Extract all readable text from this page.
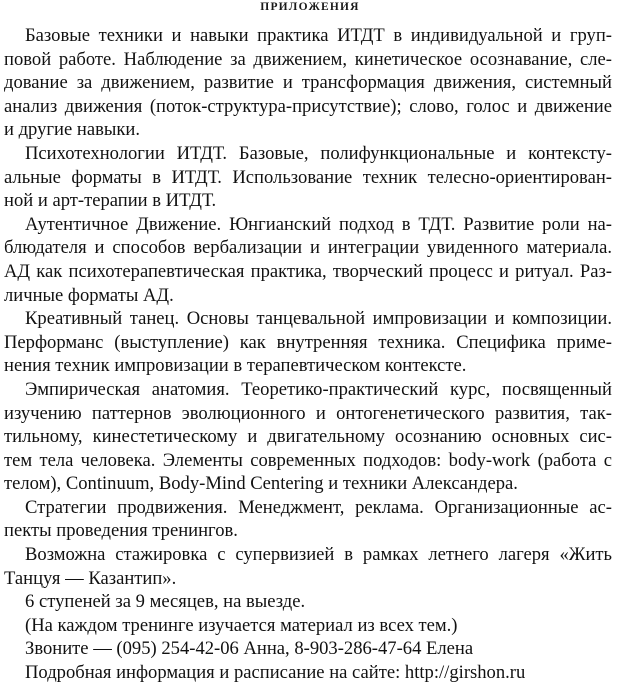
ПРИЛОЖЕНИЯ
Базовые техники и навыки практика ИТДТ в индивидуальной и груп-
повой работе. Наблюдение за движением, кинетическое осознавание, сле-
дование за движением, развитие и трансформация движения, системный
анализ движения (поток-структура-присутствие); слово, голос и движение
и другие навыки.
Психотехнологии ИТДТ. Базовые, полифункциональные и контексту-
альные форматы в ИТДТ. Использование техник телесно-ориентирован-
ной и арт-терапии в ИТДТ.
Аутентичное Движение. Юнгианский подход в ТДТ. Развитие роли на-
блюдателя и способов вербализации и интеграции увиденного материала.
АД как психотерапевтическая практика, творческий процесс и ритуал. Раз-
личные форматы АД.
Креативный танец. Основы танцевальной импровизации и композиции.
Перформанс (выступление) как внутренняя техника. Специфика приме-
нения техник импровизации в терапевтическом контексте.
Эмпирическая анатомия. Теоретико-практический курс, посвященный
изучению паттернов эволюционного и онтогенетического развития, так-
тильному, кинестетическому и двигательному осознанию основных сис-
тем тела человека. Элементы современных подходов: body-work (работа с
телом), Continuum, Body-Mind Centering и техники Александера.
Стратегии продвижения. Менеджмент, реклама. Организационные ас-
пекты проведения тренингов.
Возможна стажировка с супервизией в рамках летнего лагеря «Жить
Танцуя — Казантип».
6 ступеней за 9 месяцев, на выезде.
(На каждом тренинге изучается материал из всех тем.)
Звоните — (095) 254-42-06 Анна, 8-903-286-47-64 Елена
Подробная информация и расписание на сайте: http://girshon.ru
